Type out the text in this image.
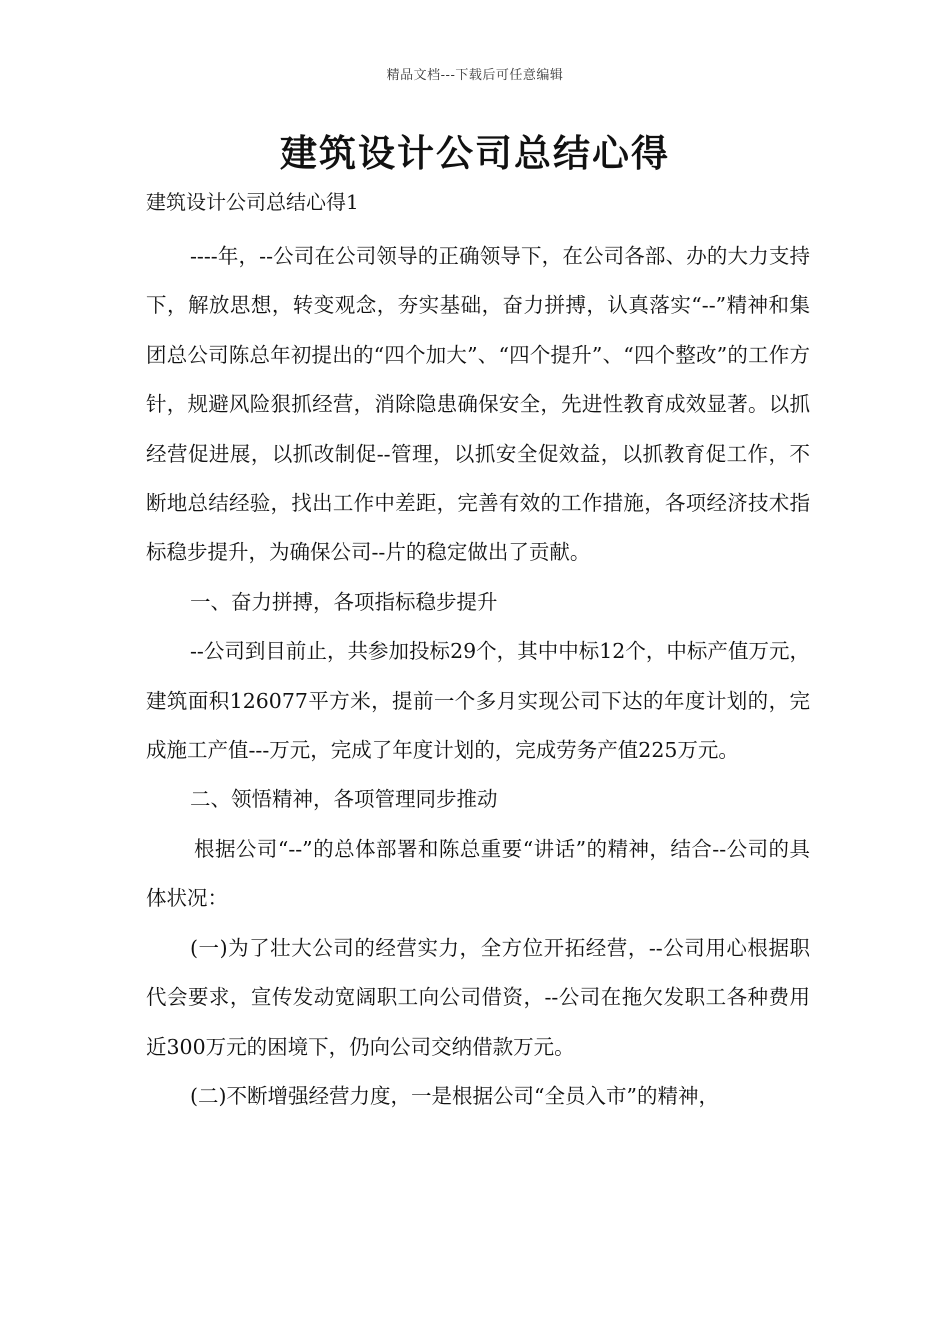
精品文档---下载后可任意编辑
建筑设计公司总结心得
建筑设计公司总结心得1

----年，--公司在公司领导的正确领导下，在公司各部、办的大力支持下，解放思想，转变观念，夯实基础，奋力拼搏，认真落实“--”精神和集团总公司陈总年初提出的“四个加大”、“四个提升”、“四个整改”的工作方针，规避风险狠抓经营，消除隐患确保安全，先进性教育成效显著。以抓经营促进展，以抓改制促--管理，以抓安全促效益，以抓教育促工作，不断地总结经验，找出工作中差距，完善有效的工作措施，各项经济技术指标稳步提升，为确保公司--片的稳定做出了贡献。

一、奋力拼搏，各项指标稳步提升

--公司到目前止，共参加投标29个，其中中标12个，中标产值万元，建筑面积126077平方米，提前一个多月实现公司下达的年度计划的，完成施工产值---万元，完成了年度计划的，完成劳务产值225万元。

二、领悟精神，各项管理同步推动

根据公司“--”的总体部署和陈总重要“讲话”的精神，结合--公司的具体状况：

(一)为了壮大公司的经营实力，全方位开拓经营，--公司用心根据职代会要求，宣传发动宽阔职工向公司借资，--公司在拖欠发职工各种费用近300万元的困境下，仍向公司交纳借款万元。

(二)不断增强经营力度，一是根据公司“全员入市”的精神，
